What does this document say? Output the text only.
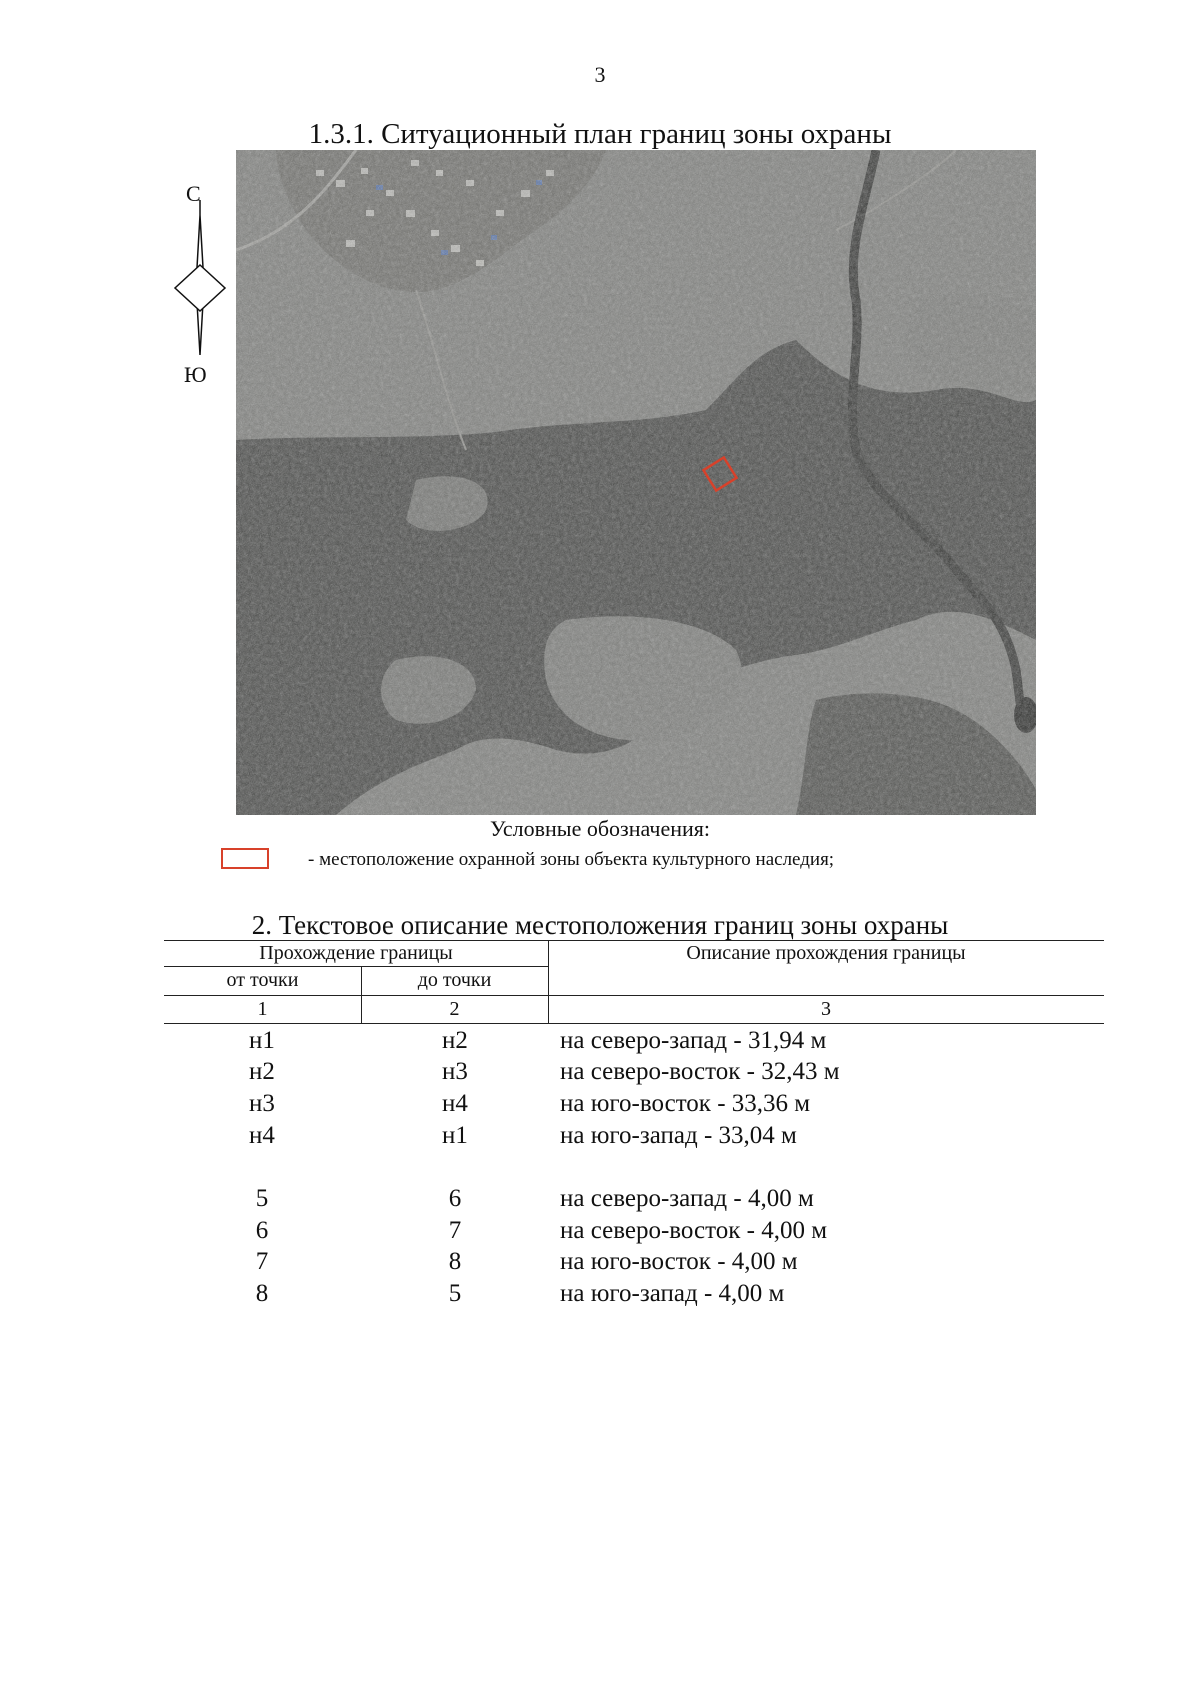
3
1.3.1. Ситуационный план границ зоны охраны
С
Ю
Условные обозначения:
- местоположение охранной зоны объекта культурного наследия;
2. Текстовое описание местоположения границ зоны охраны
Прохождение границы
от точки	до точки
Описание прохождения границы
1	2	3
н1	н2	на северо-запад - 31,94 м
н2	н3	на северо-восток - 32,43 м
н3	н4	на юго-восток - 33,36 м
н4	н1	на юго-запад - 33,04 м
5	6	на северо-запад - 4,00 м
6	7	на северо-восток - 4,00 м
7	8	на юго-восток - 4,00 м
8	5	на юго-запад - 4,00 м
